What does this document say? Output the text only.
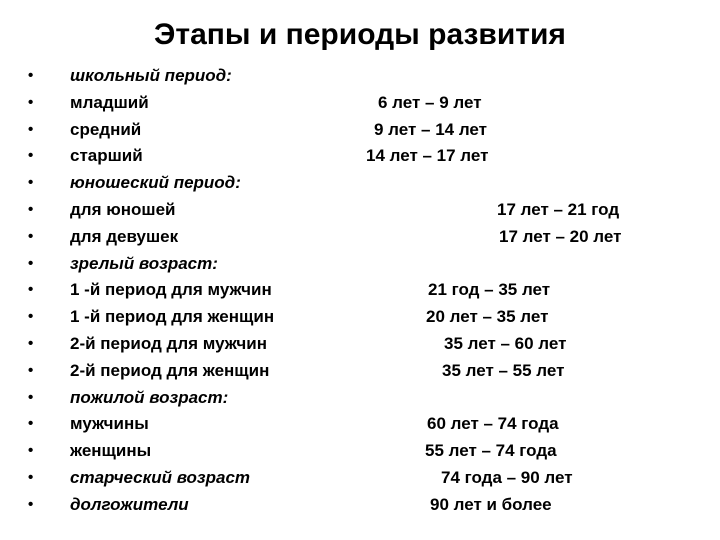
Этапы и периоды развития
• школьный период:
• младший	6 лет – 9 лет
• средний	9 лет – 14 лет
• старший	14 лет – 17 лет
• юношеский период:
• для юношей	17 лет – 21 год
• для девушек	17 лет – 20 лет
• зрелый возраст:
• 1 -й период для мужчин	21 год – 35 лет
• 1 -й период для женщин	20 лет – 35 лет
• 2-й период для мужчин	35 лет – 60 лет
• 2-й период для женщин	35 лет – 55 лет
• пожилой возраст:
• мужчины	60 лет – 74 года
• женщины	55 лет – 74 года
• старческий возраст	74 года – 90 лет
• долгожители	90 лет и более
